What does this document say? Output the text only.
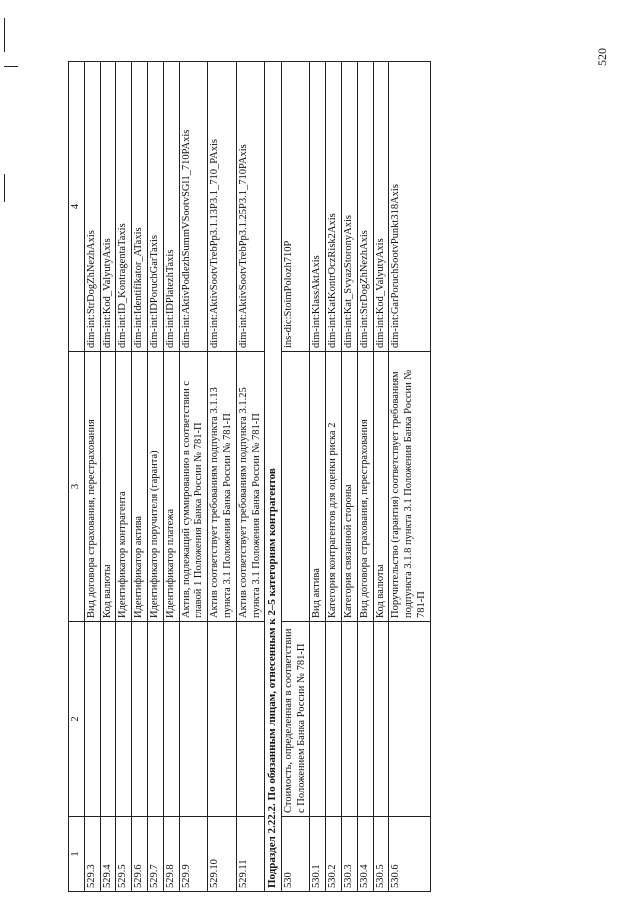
520
1	2	3	4
529.3		Вид договора страхования, перестрахования	dim-int:StrDogZhNezhAxis
529.4		Код валюты	dim-int:Kod_ValyutyAxis
529.5		Идентификатор контрагента	dim-int:ID_KontragentaTaxis
529.6		Идентификатор актива	dim-int:Identifikator_ATaxis
529.7		Идентификатор поручителя (гаранта)	dim-int:IDPoruchGarTaxis
529.8		Идентификатор платежа	dim-int:IDPlatezhTaxis
529.9		Актив, подлежащий суммированию в соответствии с главой 1 Положения Банка России № 781-П	dim-int:AktivPodlezhSummVSootvSGl1_710PAxis
529.10		Актив соответствует требованиям подпункта 3.1.13 пункта 3.1 Положения Банка России № 781-П	dim-int:AktivSootvTrebPp3.1.13P3.1_710_PAxis
529.11		Актив соответствует требованиям подпункта 3.1.25 пункта 3.1 Положения Банка России № 781-П	dim-int:AktivSootvTrebPp3.1.25P3.1_710PAxis
Подраздел 2.22.2. По обязанным лицам, отнесенным к 2–5 категориям контрагентов			
530	Стоимость, определенная в соответствии с Положением Банка России № 781-П		ins-dic:StoimPolozh710P
530.1		Вид актива	dim-int:KlassAktAxis
530.2		Категория контрагентов для оценки риска 2	dim-int:KatKontrOczRisk2Axis
530.3		Категория связанной стороны	dim-int:Kat_SvyazStoronyAxis
530.4		Вид договора страхования, перестрахования	dim-int:StrDogZhNezhAxis
530.5		Код валюты	dim-int:Kod_ValyutyAxis
530.6		Поручительство (гарантия) соответствует требованиям подпункта 3.1.8 пункта 3.1 Положения Банка России № 781-П	dim-int:GarPoruchSootvPunkt318Axis
